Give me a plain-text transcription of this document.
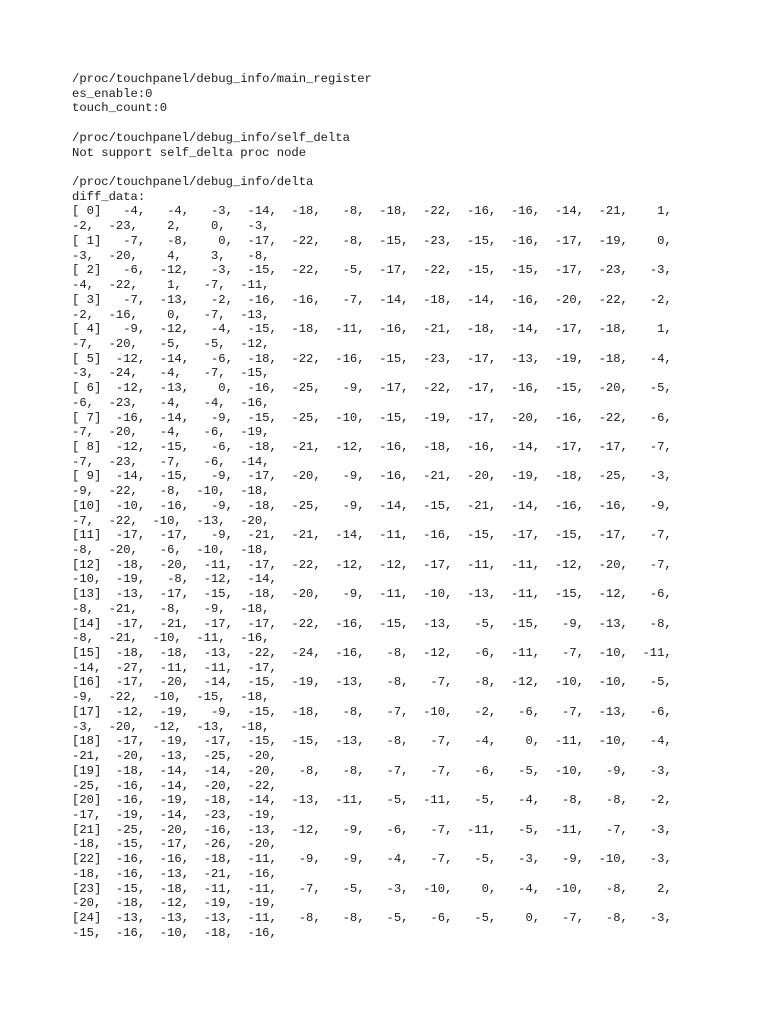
/proc/touchpanel/debug_info/main_register
es_enable:0
touch_count:0

/proc/touchpanel/debug_info/self_delta
Not support self_delta proc node

/proc/touchpanel/debug_info/delta
diff_data:
[ 0]   -4,   -4,   -3,  -14,  -18,   -8,  -18,  -22,  -16,  -16,  -14,  -21,    1,
-2,  -23,    2,    0,   -3,
[ 1]   -7,   -8,    0,  -17,  -22,   -8,  -15,  -23,  -15,  -16,  -17,  -19,    0,
-3,  -20,    4,    3,   -8,
[ 2]   -6,  -12,   -3,  -15,  -22,   -5,  -17,  -22,  -15,  -15,  -17,  -23,   -3,
-4,  -22,    1,   -7,  -11,
[ 3]   -7,  -13,   -2,  -16,  -16,   -7,  -14,  -18,  -14,  -16,  -20,  -22,   -2,
-2,  -16,    0,   -7,  -13,
[ 4]   -9,  -12,   -4,  -15,  -18,  -11,  -16,  -21,  -18,  -14,  -17,  -18,    1,
-7,  -20,   -5,   -5,  -12,
[ 5]  -12,  -14,   -6,  -18,  -22,  -16,  -15,  -23,  -17,  -13,  -19,  -18,   -4,
-3,  -24,   -4,   -7,  -15,
[ 6]  -12,  -13,    0,  -16,  -25,   -9,  -17,  -22,  -17,  -16,  -15,  -20,   -5,
-6,  -23,   -4,   -4,  -16,
[ 7]  -16,  -14,   -9,  -15,  -25,  -10,  -15,  -19,  -17,  -20,  -16,  -22,   -6,
-7,  -20,   -4,   -6,  -19,
[ 8]  -12,  -15,   -6,  -18,  -21,  -12,  -16,  -18,  -16,  -14,  -17,  -17,   -7,
-7,  -23,   -7,   -6,  -14,
[ 9]  -14,  -15,   -9,  -17,  -20,   -9,  -16,  -21,  -20,  -19,  -18,  -25,   -3,
-9,  -22,   -8,  -10,  -18,
[10]  -10,  -16,   -9,  -18,  -25,   -9,  -14,  -15,  -21,  -14,  -16,  -16,   -9,
-7,  -22,  -10,  -13,  -20,
[11]  -17,  -17,   -9,  -21,  -21,  -14,  -11,  -16,  -15,  -17,  -15,  -17,   -7,
-8,  -20,   -6,  -10,  -18,
[12]  -18,  -20,  -11,  -17,  -22,  -12,  -12,  -17,  -11,  -11,  -12,  -20,   -7,
-10,  -19,   -8,  -12,  -14,
[13]  -13,  -17,  -15,  -18,  -20,   -9,  -11,  -10,  -13,  -11,  -15,  -12,   -6,
-8,  -21,   -8,   -9,  -18,
[14]  -17,  -21,  -17,  -17,  -22,  -16,  -15,  -13,   -5,  -15,   -9,  -13,   -8,
-8,  -21,  -10,  -11,  -16,
[15]  -18,  -18,  -13,  -22,  -24,  -16,   -8,  -12,   -6,  -11,   -7,  -10,  -11,
-14,  -27,  -11,  -11,  -17,
[16]  -17,  -20,  -14,  -15,  -19,  -13,   -8,   -7,   -8,  -12,  -10,  -10,   -5,
-9,  -22,  -10,  -15,  -18,
[17]  -12,  -19,   -9,  -15,  -18,   -8,   -7,  -10,   -2,   -6,   -7,  -13,   -6,
-3,  -20,  -12,  -13,  -18,
[18]  -17,  -19,  -17,  -15,  -15,  -13,   -8,   -7,   -4,    0,  -11,  -10,   -4,
-21,  -20,  -13,  -25,  -20,
[19]  -18,  -14,  -14,  -20,   -8,   -8,   -7,   -7,   -6,   -5,  -10,   -9,   -3,
-25,  -16,  -14,  -20,  -22,
[20]  -16,  -19,  -18,  -14,  -13,  -11,   -5,  -11,   -5,   -4,   -8,   -8,   -2,
-17,  -19,  -14,  -23,  -19,
[21]  -25,  -20,  -16,  -13,  -12,   -9,   -6,   -7,  -11,   -5,  -11,   -7,   -3,
-18,  -15,  -17,  -26,  -20,
[22]  -16,  -16,  -18,  -11,   -9,   -9,   -4,   -7,   -5,   -3,   -9,  -10,   -3,
-18,  -16,  -13,  -21,  -16,
[23]  -15,  -18,  -11,  -11,   -7,   -5,   -3,  -10,    0,   -4,  -10,   -8,    2,
-20,  -18,  -12,  -19,  -19,
[24]  -13,  -13,  -13,  -11,   -8,   -8,   -5,   -6,   -5,    0,   -7,   -8,   -3,
-15,  -16,  -10,  -18,  -16,
